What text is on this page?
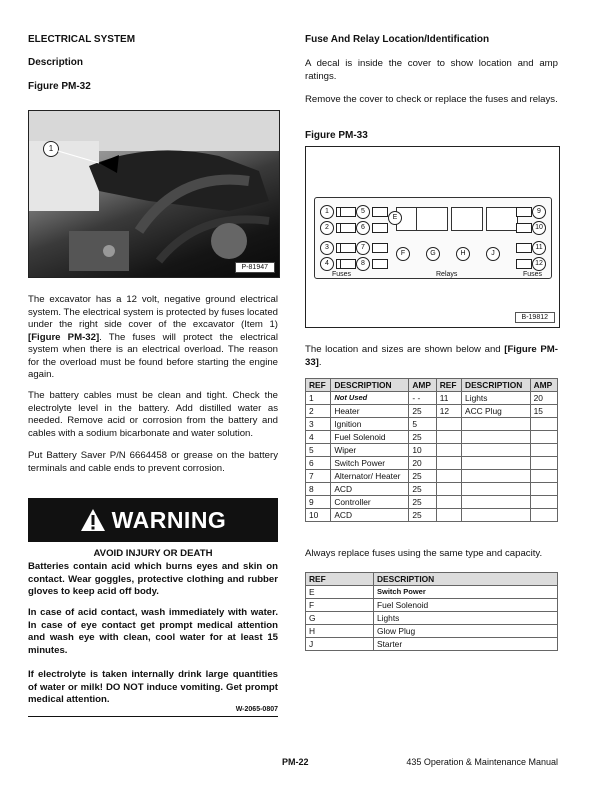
ELECTRICAL SYSTEM
Description
Figure PM-32
1
P-81947

The excavator has a 12 volt, negative ground electrical system. The electrical system is protected by fuses located under the right side cover of the excavator (Item 1) [Figure PM-32]. The fuses will protect the electrical system when there is an electrical overload. The reason for the overload must be found before starting the engine again.

The battery cables must be clean and tight. Check the electrolyte level in the battery. Add distilled water as needed. Remove acid or corrosion from the battery and cables with a sodium bicarbonate and water solution.

Put Battery Saver P/N 6664458 or grease on the battery terminals and cable ends to prevent corrosion.

WARNING
AVOID INJURY OR DEATH

Batteries contain acid which burns eyes and skin on contact. Wear goggles, protective clothing and rubber gloves to keep acid off body.

In case of acid contact, wash immediately with water. In case of eye contact get prompt medical attention and wash eye with clean, cool water for at least 15 minutes.

If electrolyte is taken internally drink large quantities of water or milk! DO NOT induce vomiting. Get prompt medical attention.

W-2065-0807
Fuse And Relay Location/Identification

A decal is inside the cover to show location and amp ratings.

Remove the cover to check or replace the fuses and relays.

Figure PM-33
1
2
3
4
5
6
7
8
E
F	G	H	J
9
10
11
12
Fuses	Relays	Fuses
B-19812
The location and sizes are shown below and [Figure PM-33].
REF	DESCRIPTION	AMP	REF	DESCRIPTION	AMP
1	Not Used	- -	11	Lights	20
2	Heater	25	12	ACC Plug	15
3	Ignition	5			
4	Fuel Solenoid	25			
5	Wiper	10			
6	Switch Power	20			
7	Alternator/ Heater	25			
8	ACD	25			
9	Controller	25			
10	ACD	25			

Always replace fuses using the same type and capacity.

REF	DESCRIPTION
E	Switch Power
F	Fuel Solenoid
G	Lights
H	Glow Plug
J	Starter
PM-22	435 Operation & Maintenance Manual
